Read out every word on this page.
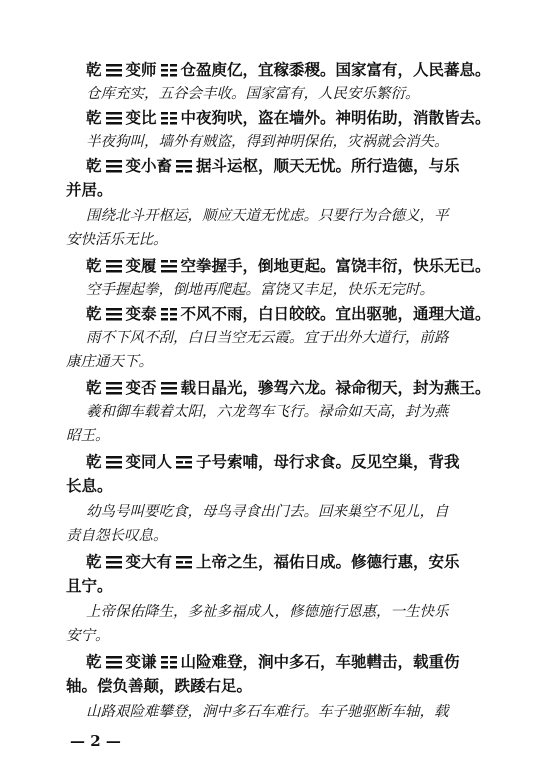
乾 变师 仓盈庾亿，宜稼黍稷。国家富有，人民蕃息。
仓库充实，五谷会丰收。国家富有，人民安乐繁衍。
乾 变比 中夜狗吠，盗在墙外。神明佑助，消散皆去。
半夜狗叫，墙外有贼盗，得到神明保佑，灾祸就会消失。
乾 变小畜 据斗运枢，顺天无忧。所行造德，与乐
并居。
围绕北斗开枢运，顺应天道无忧虑。只要行为合德义，平
安快活乐无比。
乾 变履 空拳握手，倒地更起。富饶丰衍，快乐无已。
空手握起拳，倒地再爬起。富饶又丰足，快乐无完时。
乾 变泰 不风不雨，白日皎皎。宜出驱驰，通理大道。
雨不下风不刮，白日当空无云霞。宜于出外大道行，前路
康庄通天下。
乾 变否 载日晶光，骖驾六龙。禄命彻天，封为燕王。
羲和御车载着太阳，六龙驾车飞行。禄命如天高，封为燕
昭王。
乾 变同人 子号索哺，母行求食。反见空巢，背我
长息。
幼鸟号叫要吃食，母鸟寻食出门去。回来巢空不见儿，自
责自怨长叹息。
乾 变大有 上帝之生，福佑日成。修德行惠，安乐
且宁。
上帝保佑降生，多祉多福成人，修德施行恩惠，一生快乐
安宁。
乾 变谦 山险难登，涧中多石，车驰轊击，载重伤
轴。偿负善颠，跌踒右足。
山路艰险难攀登，涧中多石车难行。车子驰驱断车轴，载
— 2 —
